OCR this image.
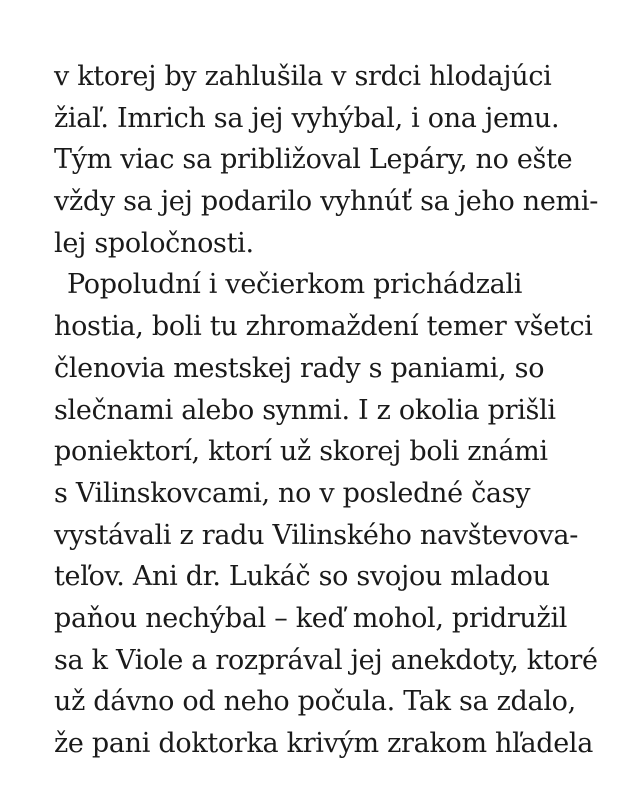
v ktorej by zahlušila v srdci hlodajúci
žiaľ. Imrich sa jej vyhýbal, i ona jemu.
Tým viac sa približoval Lepáry, no ešte
vždy sa jej podarilo vyhnúť sa jeho nemi-
lej spoločnosti.
Popoludní i večierkom prichádzali
hostia, boli tu zhromaždení temer všetci
členovia mestskej rady s paniami, so
slečnami alebo synmi. I z okolia prišli
poniektorí, ktorí už skorej boli známi
s Vilinskovcami, no v posledné časy
vystávali z radu Vilinského navštevova-
teľov. Ani dr. Lukáč so svojou mladou
paňou nechýbal – keď mohol, pridružil
sa k Viole a rozprával jej anekdoty, ktoré
už dávno od neho počula. Tak sa zdalo,
že pani doktorka krivým zrakom hľadela
